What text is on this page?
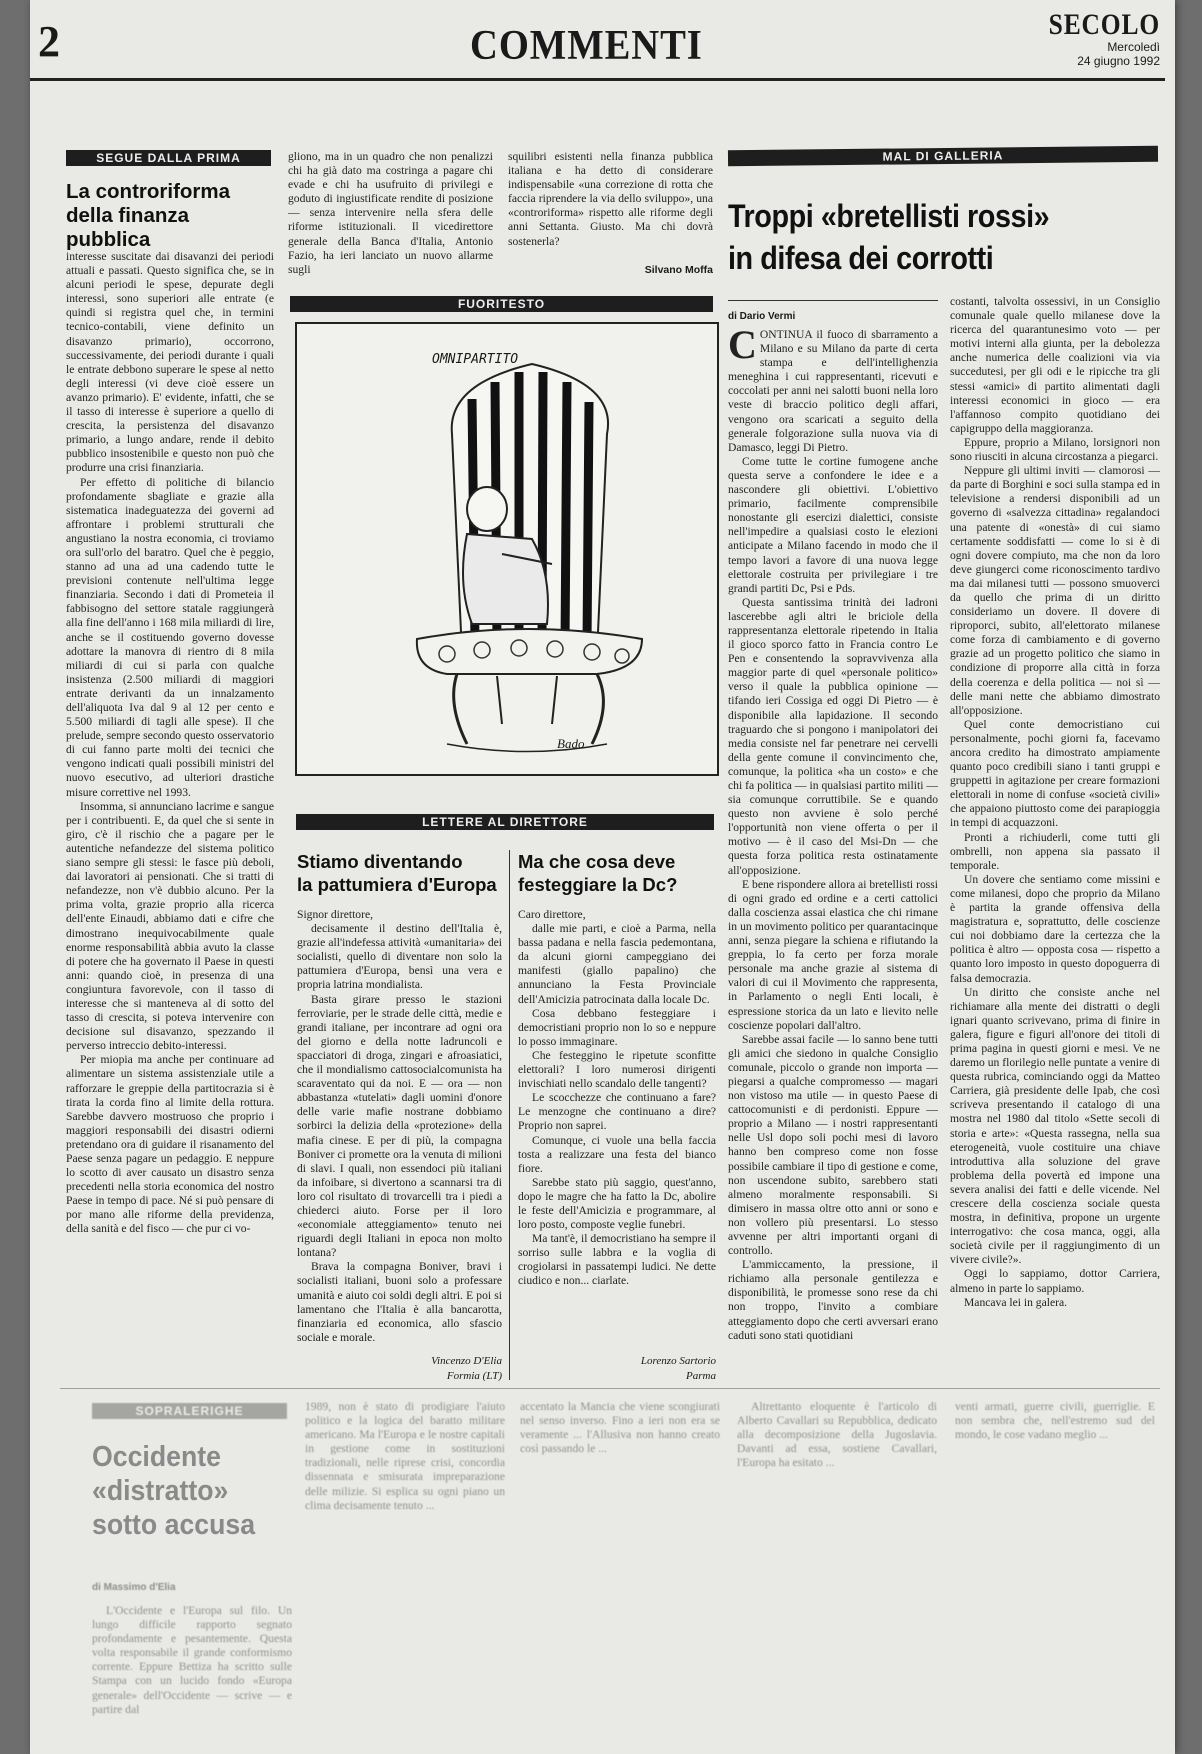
2	COMMENTI	SECOLO
Mercoledì
24 giugno 1992
SEGUE DALLA PRIMA
La controriforma
della finanza pubblica

interesse suscitate dai disavanzi dei periodi attuali e passati. Questo significa che, se in alcuni periodi le spese, depurate degli interessi, sono superiori alle entrate (e quindi si registra quel che, in termini tecnico-contabili, viene definito un disavanzo primario), occorrono, successivamente, dei periodi durante i quali le entrate debbono superare le spese al netto degli interessi (vi deve cioè essere un avanzo primario). E' evidente, infatti, che se il tasso di interesse è superiore a quello di crescita, la persistenza del disavanzo primario, a lungo andare, rende il debito pubblico insostenibile e questo non può che produrre una crisi finanziaria.

Per effetto di politiche di bilancio profondamente sbagliate e grazie alla sistematica inadeguatezza dei governi ad affrontare i problemi strutturali che angustiano la nostra economia, ci troviamo ora sull'orlo del baratro. Quel che è peggio, stanno ad una ad una cadendo tutte le previsioni contenute nell'ultima legge finanziaria. Secondo i dati di Prometeia il fabbisogno del settore statale raggiungerà alla fine dell'anno i 168 mila miliardi di lire, anche se il costituendo governo dovesse adottare la manovra di rientro di 8 mila miliardi di cui si parla con qualche insistenza (2.500 miliardi di maggiori entrate derivanti da un innalzamento dell'aliquota Iva dal 9 al 12 per cento e 5.500 miliardi di tagli alle spese). Il che prelude, sempre secondo questo osservatorio di cui fanno parte molti dei tecnici che vengono indicati quali possibili ministri del nuovo esecutivo, ad ulteriori drastiche misure correttive nel 1993.

Insomma, si annunciano lacrime e sangue per i contribuenti. E, da quel che si sente in giro, c'è il rischio che a pagare per le autentiche nefandezze del sistema politico siano sempre gli stessi: le fasce più deboli, dai lavoratori ai pensionati. Che si tratti di nefandezze, non v'è dubbio alcuno. Per la prima volta, grazie proprio alla ricerca dell'ente Einaudi, abbiamo dati e cifre che dimostrano inequivocabilmente quale enorme responsabilità abbia avuto la classe di potere che ha governato il Paese in questi anni: quando cioè, in presenza di una congiuntura favorevole, con il tasso di interesse che si manteneva al di sotto del tasso di crescita, si poteva intervenire con decisione sul disavanzo, spezzando il perverso intreccio debito-interessi.

Per miopia ma anche per continuare ad alimentare un sistema assistenziale utile a rafforzare le greppie della partitocrazia si è tirata la corda fino al limite della rottura. Sarebbe davvero mostruoso che proprio i maggiori responsabili dei disastri odierni pretendano ora di guidare il risanamento del Paese senza pagare un pedaggio. E neppure lo scotto di aver causato un disastro senza precedenti nella storia economica del nostro Paese in tempo di pace. Né si può pensare di por mano alle riforme della previdenza, della sanità e del fisco — che pur ci vo-

gliono, ma in un quadro che non penalizzi chi ha già dato ma costringa a pagare chi evade e chi ha usufruito di privilegi e goduto di ingiustificate rendite di posizione — senza intervenire nella sfera delle riforme istituzionali. Il vicedirettore generale della Banca d'Italia, Antonio Fazio, ha ieri lanciato un nuovo allarme sugli

squilibri esistenti nella finanza pubblica italiana e ha detto di considerare indispensabile «una correzione di rotta che faccia riprendere la via dello sviluppo», una «controriforma» rispetto alle riforme degli anni Settanta. Giusto. Ma chi dovrà sostenerla?

Silvano Moffa
FUORITESTO
OMNIPARTITO
Bado
LETTERE AL DIRETTORE
Stiamo diventando
la pattumiera d'Europa

Signor direttore,

decisamente il destino dell'Italia è, grazie all'indefessa attività «umanitaria» dei socialisti, quello di diventare non solo la pattumiera d'Europa, bensì una vera e propria latrina mondialista.

Basta girare presso le stazioni ferroviarie, per le strade delle città, medie e grandi italiane, per incontrare ad ogni ora del giorno e della notte ladruncoli e spacciatori di droga, zingari e afroasiatici, che il mondialismo cattosocialcomunista ha scaraventato qui da noi. E — ora — non abbastanza «tutelati» dagli uomini d'onore delle varie mafie nostrane dobbiamo sorbirci la delizia della «protezione» della mafia cinese. E per di più, la compagna Boniver ci promette ora la venuta di milioni di slavi. I quali, non essendoci più italiani da infoibare, si divertono a scannarsi tra di loro col risultato di trovarcelli tra i piedi a chiederci aiuto. Forse per il loro «economiale atteggiamento» tenuto nei riguardi degli Italiani in epoca non molto lontana?

Brava la compagna Boniver, bravi i socialisti italiani, buoni solo a professare umanità e aiuto coi soldi degli altri. E poi si lamentano che l'Italia è alla bancarotta, finanziaria ed economica, allo sfascio sociale e morale.

Vincenzo D'Elia
Formia (LT)
Ma che cosa deve
festeggiare la Dc?

Caro direttore,

dalle mie parti, e cioè a Parma, nella bassa padana e nella fascia pedemontana, da alcuni giorni campeggiano dei manifesti (giallo papalino) che annunciano la Festa Provinciale dell'Amicizia patrocinata dalla locale Dc.

Cosa debbano festeggiare i democristiani proprio non lo so e neppure lo posso immaginare.

Che festeggino le ripetute sconfitte elettorali? I loro numerosi dirigenti invischiati nello scandalo delle tangenti?

Le scocchezze che continuano a fare? Le menzogne che continuano a dire? Proprio non saprei.

Comunque, ci vuole una bella faccia tosta a realizzare una festa del bianco fiore.

Sarebbe stato più saggio, quest'anno, dopo le magre che ha fatto la Dc, abolire le feste dell'Amicizia e programmare, al loro posto, composte veglie funebri.

Ma tant'è, il democristiano ha sempre il sorriso sulle labbra e la voglia di crogiolarsi in passatempi ludici. Ne dette ciudico e non... ciarlate.

Lorenzo Sartorio
Parma
MAL DI GALLERIA
Troppi «bretellisti rossi»
in difesa dei corrotti
di Dario Vermi

CONTINUA il fuoco di sbarramento a Milano e su Milano da parte di certa stampa e dell'intellighenzia meneghina i cui rappresentanti, ricevuti e coccolati per anni nei salotti buoni nella loro veste di braccio politico degli affari, vengono ora scaricati a seguito della generale folgorazione sulla nuova via di Damasco, leggi Di Pietro.

Come tutte le cortine fumogene anche questa serve a confondere le idee e a nascondere gli obiettivi. L'obiettivo primario, facilmente comprensibile nonostante gli esercizi dialettici, consiste nell'impedire a qualsiasi costo le elezioni anticipate a Milano facendo in modo che il tempo lavori a favore di una nuova legge elettorale costruita per privilegiare i tre grandi partiti Dc, Psi e Pds.

Questa santissima trinità dei ladroni lascerebbe agli altri le briciole della rappresentanza elettorale ripetendo in Italia il gioco sporco fatto in Francia contro Le Pen e consentendo la sopravvivenza alla maggior parte di quel «personale politico» verso il quale la pubblica opinione — tifando ieri Cossiga ed oggi Di Pietro — è disponibile alla lapidazione. Il secondo traguardo che si pongono i manipolatori dei media consiste nel far penetrare nei cervelli della gente comune il convincimento che, comunque, la politica «ha un costo» e che chi fa politica — in qualsiasi partito militi — sia comunque corruttibile. Se e quando questo non avviene è solo perché l'opportunità non viene offerta o per il motivo — è il caso del Msi-Dn — che questa forza politica resta ostinatamente all'opposizione.

E bene rispondere allora ai bretellisti rossi di ogni grado ed ordine e a certi cattolici dalla coscienza assai elastica che chi rimane in un movimento politico per quarantacinque anni, senza piegare la schiena e rifiutando la greppia, lo fa certo per forza morale personale ma anche grazie al sistema di valori di cui il Movimento che rappresenta, in Parlamento o negli Enti locali, è espressione storica da un lato e lievito nelle coscienze popolari dall'altro.

Sarebbe assai facile — lo sanno bene tutti gli amici che siedono in qualche Consiglio comunale, piccolo o grande non importa — piegarsi a qualche compromesso — magari non vistoso ma utile — in questo Paese di cattocomunisti e di perdonisti. Eppure — proprio a Milano — i nostri rappresentanti nelle Usl dopo soli pochi mesi di lavoro hanno ben compreso come non fosse possibile cambiare il tipo di gestione e come, non uscendone subito, sarebbero stati almeno moralmente responsabili. Si dimisero in massa oltre otto anni or sono e non vollero più presentarsi. Lo stesso avvenne per altri importanti organi di controllo.

L'ammiccamento, la pressione, il richiamo alla personale gentilezza e disponibilità, le promesse sono rese da chi non troppo, l'invito a combiare atteggiamento dopo che certi avversari erano caduti sono stati quotidiani

costanti, talvolta ossessivi, in un Consiglio comunale quale quello milanese dove la ricerca del quarantunesimo voto — per motivi interni alla giunta, per la debolezza anche numerica delle coalizioni via via succedutesi, per gli odi e le ripicche tra gli stessi «amici» di partito alimentati dagli interessi economici in gioco — era l'affannoso compito quotidiano dei capigruppo della maggioranza.

Eppure, proprio a Milano, lorsignori non sono riusciti in alcuna circostanza a piegarci.

Neppure gli ultimi inviti — clamorosi — da parte di Borghini e soci sulla stampa ed in televisione a rendersi disponibili ad un governo di «salvezza cittadina» regalandoci una patente di «onestà» di cui siamo certamente soddisfatti — come lo si è di ogni dovere compiuto, ma che non da loro deve giungerci come riconoscimento tardivo ma dai milanesi tutti — possono smuoverci da quello che prima di un diritto consideriamo un dovere. Il dovere di riproporci, subito, all'elettorato milanese come forza di cambiamento e di governo grazie ad un progetto politico che siamo in condizione di proporre alla città in forza della coerenza e della politica — noi sì — delle mani nette che abbiamo dimostrato all'opposizione.

Quel conte democristiano cui personalmente, pochi giorni fa, facevamo ancora credito ha dimostrato ampiamente quanto poco credibili siano i tanti gruppi e gruppetti in agitazione per creare formazioni elettorali in nome di confuse «società civili» che appaiono piuttosto come dei parapioggia in tempi di acquazzoni.

Pronti a richiuderli, come tutti gli ombrelli, non appena sia passato il temporale.

Un dovere che sentiamo come missini e come milanesi, dopo che proprio da Milano è partita la grande offensiva della magistratura e, soprattutto, delle coscienze cui noi dobbiamo dare la certezza che la politica è altro — opposta cosa — rispetto a quanto loro imposto in questo dopoguerra di falsa democrazia.

Un diritto che consiste anche nel richiamare alla mente dei distratti o degli ignari quanto scrivevano, prima di finire in galera, figure e figuri all'onore dei titoli di prima pagina in questi giorni e mesi. Ve ne daremo un florilegio nelle puntate a venire di questa rubrica, cominciando oggi da Matteo Carriera, già presidente delle Ipab, che così scriveva presentando il catalogo di una mostra nel 1980 dal titolo «Sette secoli di storia e arte»: «Questa rassegna, nella sua eterogeneità, vuole costituire una chiave introduttiva alla soluzione del grave problema della povertà ed impone una severa analisi dei fatti e delle vicende. Nel crescere della coscienza sociale questa mostra, in definitiva, propone un urgente interrogativo: che cosa manca, oggi, alla società civile per il raggiungimento di un vivere civile?».

Oggi lo sappiamo, dottor Carriera, almeno in parte lo sappiamo.

Mancava lei in galera.

SOPRALERIGHE
Occidente
«distratto»
sotto accusa
di Massimo d'Elia

L'Occidente e l'Europa sul filo. Un lungo difficile rapporto segnato profondamente e pesantemente. Questa volta responsabile il grande conformismo corrente. Eppure Bettiza ha scritto sulle Stampa con un lucido fondo «Europa generale» dell'Occidente — scrive — e partire dal

1989, non è stato di prodigiare l'aiuto politico e la logica del baratto militare americano. Ma l'Europa e le nostre capitali in gestione come in sostituzioni tradizionali, nelle riprese crisi, concordia dissennata e smisurata impreparazione delle milizie. Si esplica su ogni piano un clima decisamente tenuto ...

accentato la Mancia che viene scongiurati nel senso inverso. Fino a ieri non era se veramente ... l'Allusiva non hanno creato così passando le ...

Altrettanto eloquente è l'articolo di Alberto Cavallari su Repubblica, dedicato alla decomposizione della Jugoslavia. Davanti ad essa, sostiene Cavallari, l'Europa ha esitato ...

venti armati, guerre civili, guerriglie. E non sembra che, nell'estremo sud del mondo, le cose vadano meglio ...
